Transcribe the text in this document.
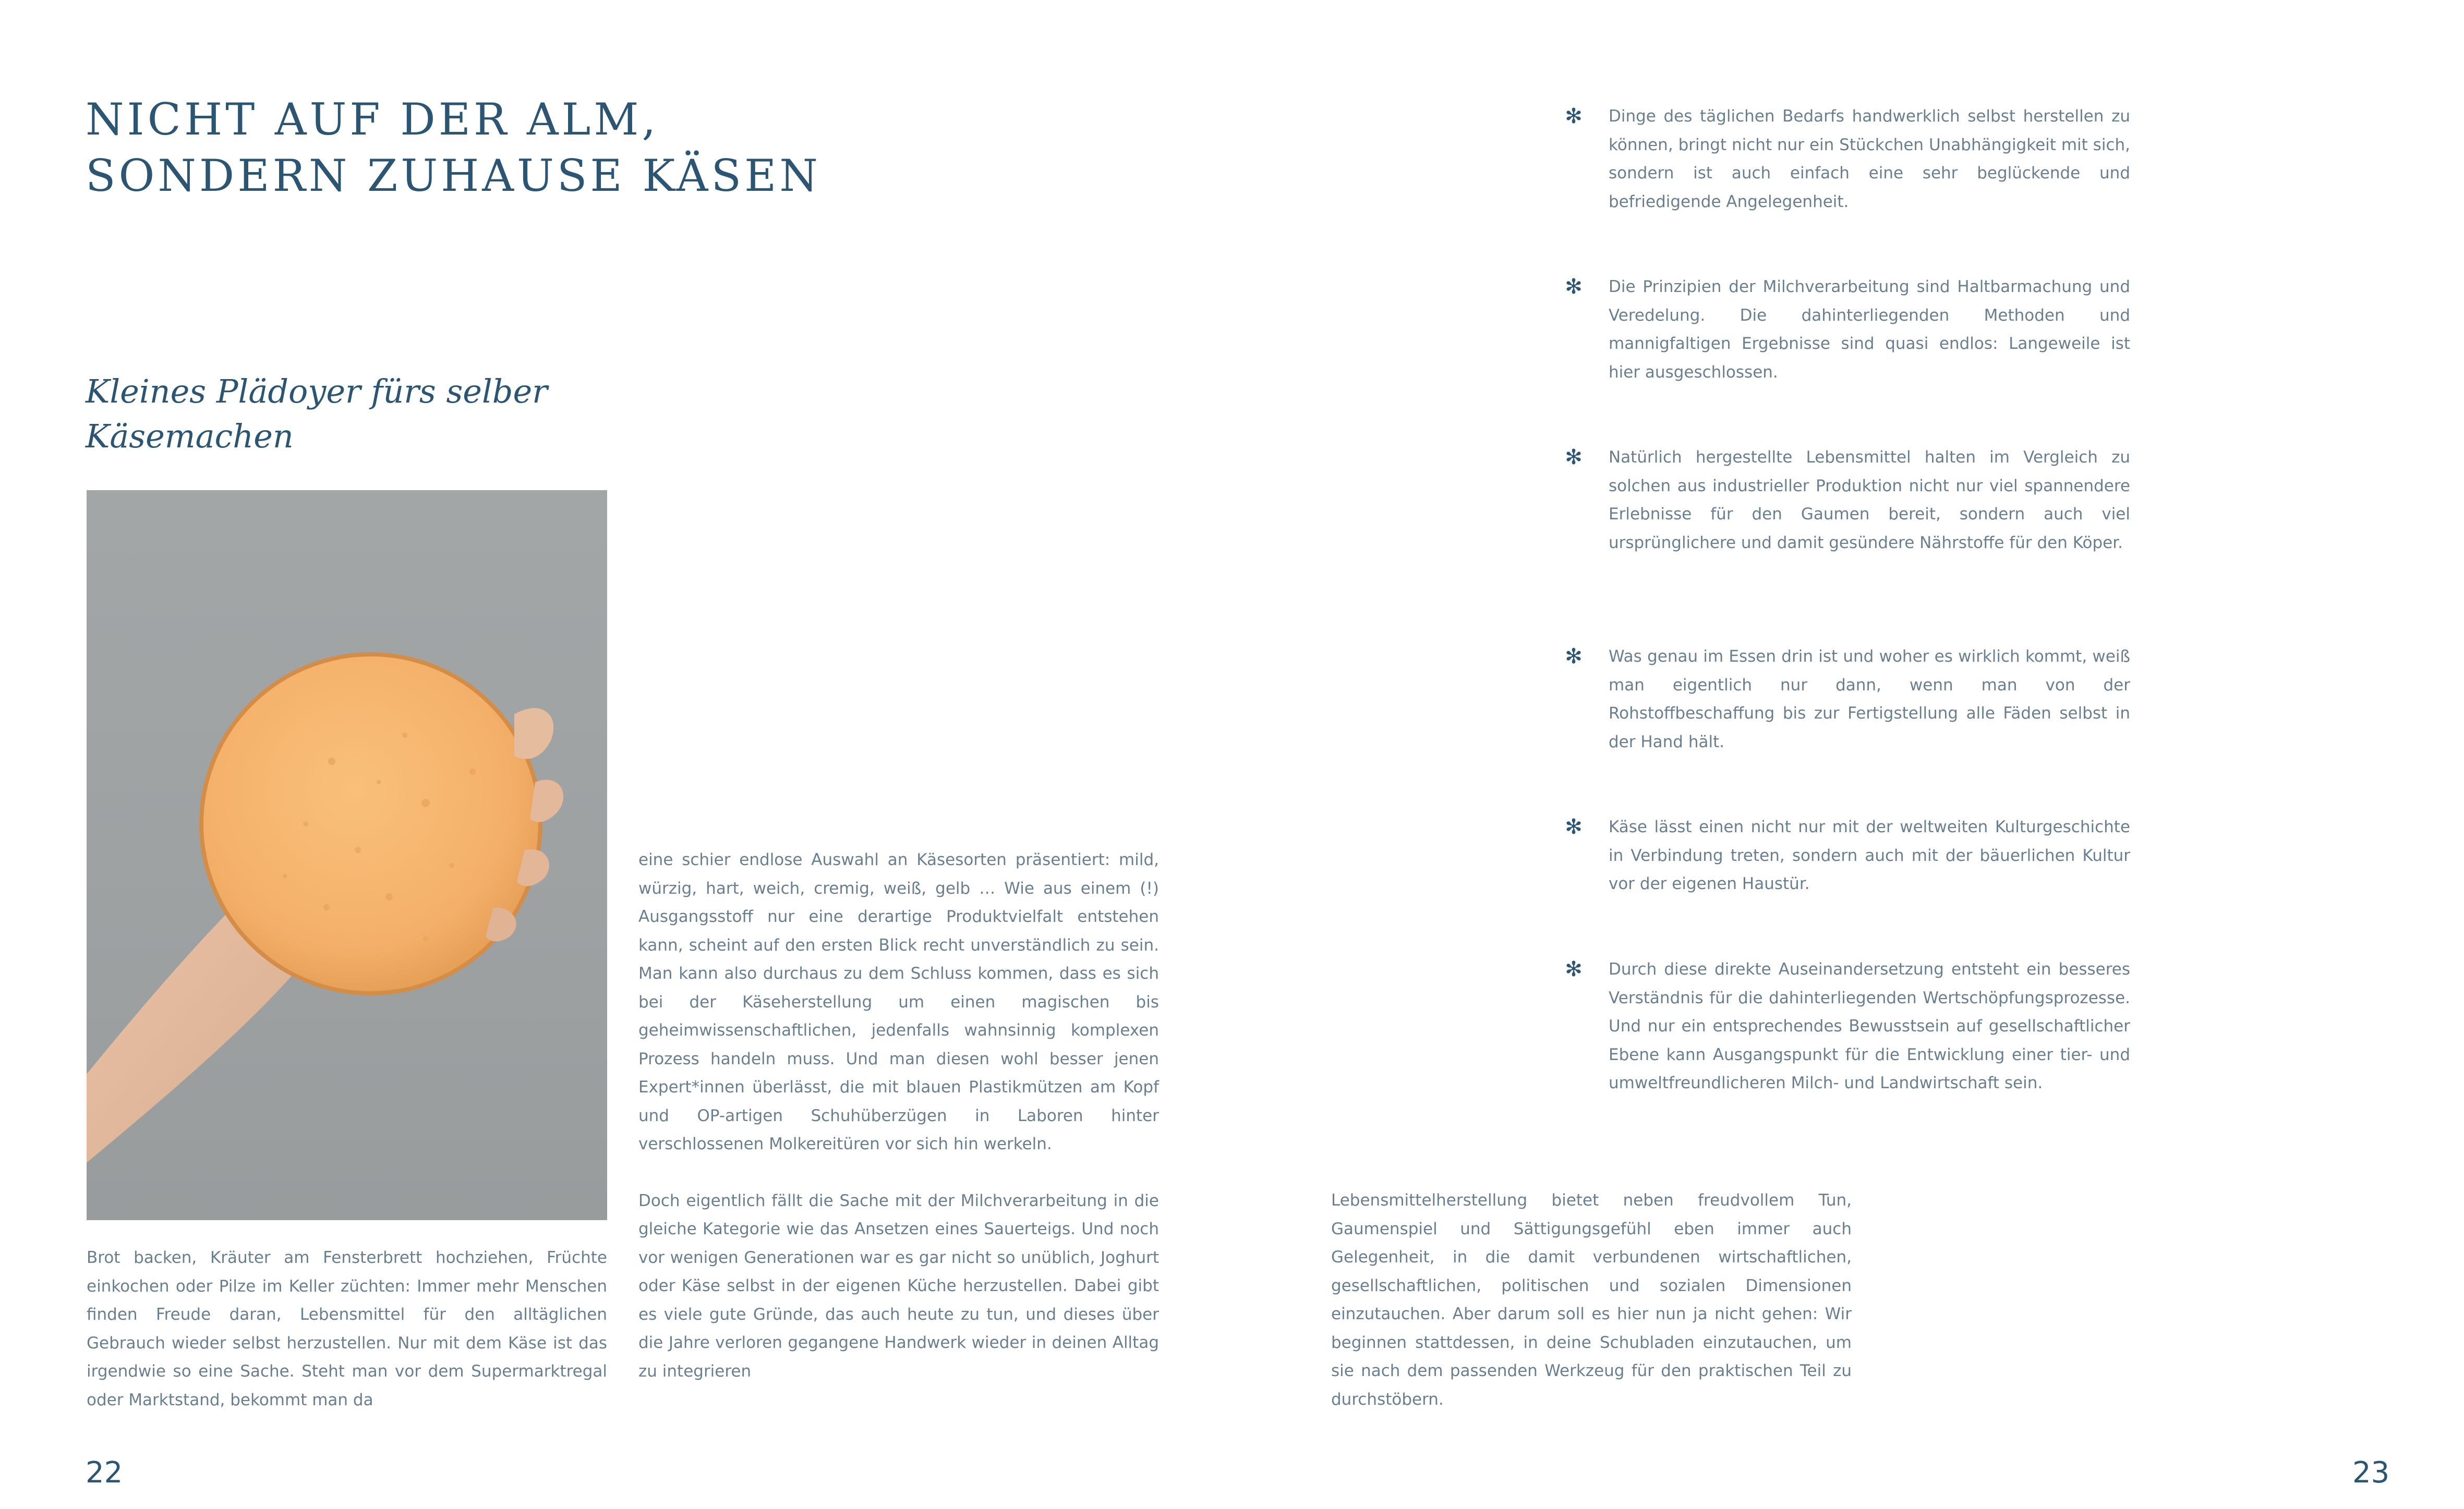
NICHT AUF DER ALM,
SONDERN ZUHAUSE KÄSEN
Kleines Plädoyer fürs selber Käsemachen

Brot backen, Kräuter am Fensterbrett hochziehen, Früchte einkochen oder Pilze im Keller züchten: Immer mehr Menschen finden Freude daran, Lebensmittel für den alltäglichen Gebrauch wieder selbst herzustellen. Nur mit dem Käse ist das irgendwie so eine Sache. Steht man vor dem Supermarktregal oder Marktstand, bekommt man da

eine schier endlose Auswahl an Käsesorten präsentiert: mild, würzig, hart, weich, cremig, weiß, gelb … Wie aus einem (!) Ausgangsstoff nur eine derartige Produktvielfalt entstehen kann, scheint auf den ersten Blick recht unverständlich zu sein. Man kann also durchaus zu dem Schluss kommen, dass es sich bei der Käseherstellung um einen magischen bis geheimwissenschaftlichen, jedenfalls wahnsinnig komplexen Prozess handeln muss. Und man diesen wohl besser jenen Expert*innen überlässt, die mit blauen Plastikmützen am Kopf und OP-artigen Schuhüberzügen in Laboren hinter verschlossenen Molkereitüren vor sich hin werkeln.

Doch eigentlich fällt die Sache mit der Milchverarbeitung in die gleiche Kategorie wie das Ansetzen eines Sauerteigs. Und noch vor wenigen Generationen war es gar nicht so unüblich, Joghurt oder Käse selbst in der eigenen Küche herzustellen. Dabei gibt es viele gute Gründe, das auch heute zu tun, und dieses über die Jahre verloren gegangene Handwerk wieder in deinen Alltag zu integrieren

Lebensmittelherstellung bietet neben freudvollem Tun, Gaumenspiel und Sättigungsgefühl eben immer auch Gelegenheit, in die damit verbundenen wirtschaftlichen, gesellschaftlichen, politischen und sozialen Dimensionen einzutauchen. Aber darum soll es hier nun ja nicht gehen: Wir beginnen stattdessen, in deine Schubladen einzutauchen, um sie nach dem passenden Werkzeug für den praktischen Teil zu durchstöbern.

✻ Dinge des täglichen Bedarfs handwerklich selbst herstellen zu können, bringt nicht nur ein Stückchen Unabhängigkeit mit sich, sondern ist auch einfach eine sehr beglückende und befriedigende Angelegenheit.

✻ Die Prinzipien der Milchverarbeitung sind Haltbarmachung und Veredelung. Die dahinterliegenden Methoden und mannigfaltigen Ergebnisse sind quasi endlos: Langeweile ist hier ausgeschlossen.

✻ Natürlich hergestellte Lebensmittel halten im Vergleich zu solchen aus industrieller Produktion nicht nur viel spannendere Erlebnisse für den Gaumen bereit, sondern auch viel ursprünglichere und damit gesündere Nährstoffe für den Köper.

✻ Was genau im Essen drin ist und woher es wirklich kommt, weiß man eigentlich nur dann, wenn man von der Rohstoffbeschaffung bis zur Fertigstellung alle Fäden selbst in der Hand hält.

✻ Käse lässt einen nicht nur mit der weltweiten Kulturgeschichte in Verbindung treten, sondern auch mit der bäuerlichen Kultur vor der eigenen Haustür.

✻ Durch diese direkte Auseinandersetzung entsteht ein besseres Verständnis für die dahinterliegenden Wertschöpfungsprozesse. Und nur ein entsprechendes Bewusstsein auf gesellschaftlicher Ebene kann Ausgangspunkt für die Entwicklung einer tier- und umweltfreundlicheren Milch- und Landwirtschaft sein.

22	23
